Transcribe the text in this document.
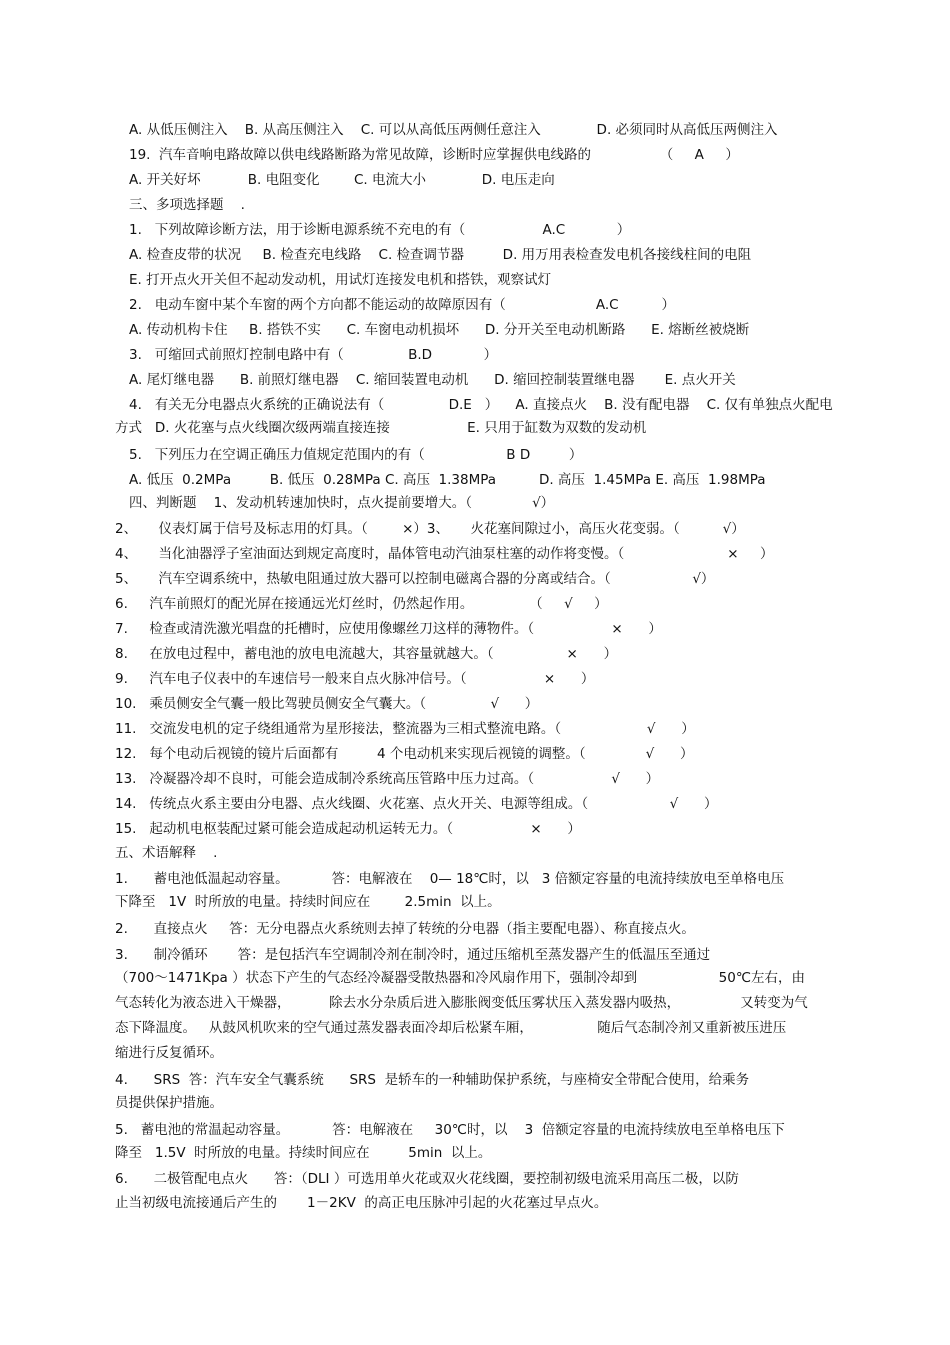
A. 从低压侧注入    B. 从高压侧注入    C. 可以从高低压两侧任意注入             D. 必须同时从高低压两侧注入
19.  汽车音响电路故障以供电线路断路为常见故障，诊断时应掌握供电线路的                （     A     ）
A. 开关好坏           B. 电阻变化        C. 电流大小             D. 电压走向
三、多项选择题    .
1.   下列故障诊断方法，用于诊断电源系统不充电的有（                  A.C            ）
A. 检查皮带的状况     B. 检查充电线路    C. 检查调节器         D. 用万用表检查发电机各接线柱间的电阻
E. 打开点火开关但不起动发动机，用试灯连接发电机和搭铁，观察试灯
2.   电动车窗中某个车窗的两个方向都不能运动的故障原因有（                     A.C          ）
A. 传动机构卡住     B. 搭铁不实      C. 车窗电动机损坏      D. 分开关至电动机断路      E. 熔断丝被烧断
3.   可缩回式前照灯控制电路中有（               B.D            ）
A. 尾灯继电器      B. 前照灯继电器    C. 缩回装置电动机      D. 缩回控制装置继电器       E. 点火开关
4.   有关无分电器点火系统的正确说法有（               D.E   ）    A. 直接点火    B. 没有配电器    C. 仅有单独点火配电
方式   D. 火花塞与点火线圈次级两端直接连接                  E. 只用于缸数为双数的发动机
5.   下列压力在空调正确压力值规定范围内的有（                   B D         ）
A. 低压  0.2MPa         B. 低压  0.28MPa C. 高压  1.38MPa          D. 高压  1.45MPa E. 高压  1.98MPa
四、判断题    1、发动机转速加快时，点火提前要增大。（              √）
2、     仪表灯属于信号及标志用的灯具。（        ×）3、     火花塞间隙过小，高压火花变弱。（          √）
4、     当化油器浮子室油面达到规定高度时，晶体管电动汽油泵柱塞的动作将变慢。（                        ×     ）
5、     汽车空调系统中，热敏电阻通过放大器可以控制电磁离合器的分离或结合。（                   √）
6.     汽车前照灯的配光屏在接通远光灯丝时，仍然起作用。             （     √     ）
7.     检查或清洗激光唱盘的托槽时，应使用像螺丝刀这样的薄物件。（                  ×      ）
8.     在放电过程中，蓄电池的放电电流越大，其容量就越大。（                 ×      ）
9.     汽车电子仪表中的车速信号一般来自点火脉冲信号。（                  ×      ）
10.   乘员侧安全气囊一般比驾驶员侧安全气囊大。（               √      ）
11.   交流发电机的定子绕组通常为星形接法，整流器为三相式整流电路。（                    √      ）
12.   每个电动后视镜的镜片后面都有         4 个电动机来实现后视镜的调整。（              √      ）
13.   冷凝器冷却不良时，可能会造成制冷系统高压管路中压力过高。（                  √      ）
14.   传统点火系主要由分电器、点火线圈、火花塞、点火开关、电源等组成。（                   √      ）
15.   起动机电枢装配过紧可能会造成起动机运转无力。（                  ×      ）
五、术语解释    .
1.      蓄电池低温起动容量。          答：电解液在    0— 18℃时，以   3 倍额定容量的电流持续放电至单格电压
下降至   1V  时所放的电量。持续时间应在        2.5min  以上。
2.      直接点火     答：无分电器点火系统则去掉了转统的分电器（指主要配电器）、称直接点火。
3.      制冷循环       答：是包括汽车空调制冷剂在制冷时，通过压缩机至蒸发器产生的低温压至通过
（700～1471Kpa ）状态下产生的气态经冷凝器受散热器和冷风扇作用下，强制冷却到                   50℃左右，由
气态转化为液态进入干燥器，         除去水分杂质后进入膨胀阀变低压雾状压入蒸发器内吸热，              又转变为气
态下降温度。   从鼓风机吹来的空气通过蒸发器表面冷却后松紧车厢，               随后气态制冷剂又重新被压进压
缩进行反复循环。
4.      SRS  答：汽车安全气囊系统      SRS  是轿车的一种辅助保护系统，与座椅安全带配合使用，给乘务
员提供保护措施。
5.   蓄电池的常温起动容量。          答：电解液在     30℃时，以    3  倍额定容量的电流持续放电至单格电压下
降至   1.5V  时所放的电量。持续时间应在         5min  以上。
6.      二极管配电点火      答：（DLI ）可选用单火花或双火花线圈，要控制初级电流采用高压二极，以防
止当初级电流接通后产生的       1－2KV  的高正电压脉冲引起的火花塞过早点火。
